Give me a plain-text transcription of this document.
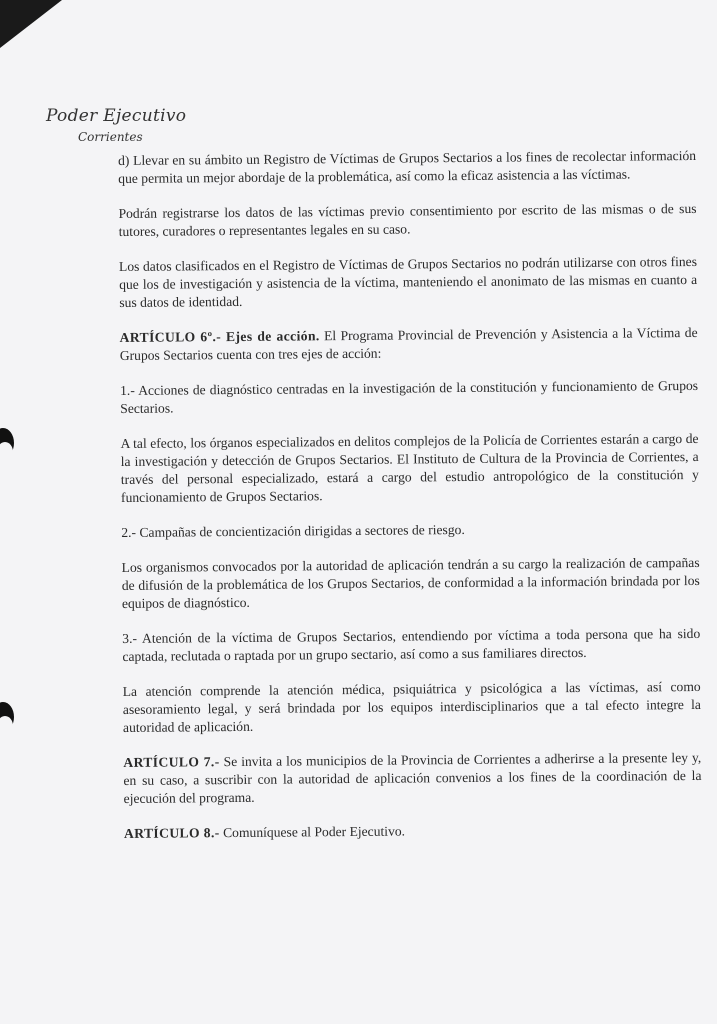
Poder Ejecutivo
Corrientes

d) Llevar en su ámbito un Registro de Víctimas de Grupos Sectarios a los fines de recolectar información que permita un mejor abordaje de la problemática, así como la eficaz asistencia a las víctimas.

Podrán registrarse los datos de las víctimas previo consentimiento por escrito de las mismas o de sus tutores, curadores o representantes legales en su caso.

Los datos clasificados en el Registro de Víctimas de Grupos Sectarios no podrán utilizarse con otros fines que los de investigación y asistencia de la víctima, manteniendo el anonimato de las mismas en cuanto a sus datos de identidad.

ARTÍCULO 6º.- Ejes de acción. El Programa Provincial de Prevención y Asistencia a la Víctima de Grupos Sectarios cuenta con tres ejes de acción:

1.- Acciones de diagnóstico centradas en la investigación de la constitución y funcionamiento de Grupos Sectarios.

A tal efecto, los órganos especializados en delitos complejos de la Policía de Corrientes estarán a cargo de la investigación y detección de Grupos Sectarios. El Instituto de Cultura de la Provincia de Corrientes, a través del personal especializado, estará a cargo del estudio antropológico de la constitución y funcionamiento de Grupos Sectarios.

2.- Campañas de concientización dirigidas a sectores de riesgo.

Los organismos convocados por la autoridad de aplicación tendrán a su cargo la realización de campañas de difusión de la problemática de los Grupos Sectarios, de conformidad a la información brindada por los equipos de diagnóstico.

3.- Atención de la víctima de Grupos Sectarios, entendiendo por víctima a toda persona que ha sido captada, reclutada o raptada por un grupo sectario, así como a sus familiares directos.

La atención comprende la atención médica, psiquiátrica y psicológica a las víctimas, así como asesoramiento legal, y será brindada por los equipos interdisciplinarios que a tal efecto integre la autoridad de aplicación.

ARTÍCULO 7.- Se invita a los municipios de la Provincia de Corrientes a adherirse a la presente ley y, en su caso, a suscribir con la autoridad de aplicación convenios a los fines de la coordinación de la ejecución del programa.

ARTÍCULO 8.- Comuníquese al Poder Ejecutivo.
